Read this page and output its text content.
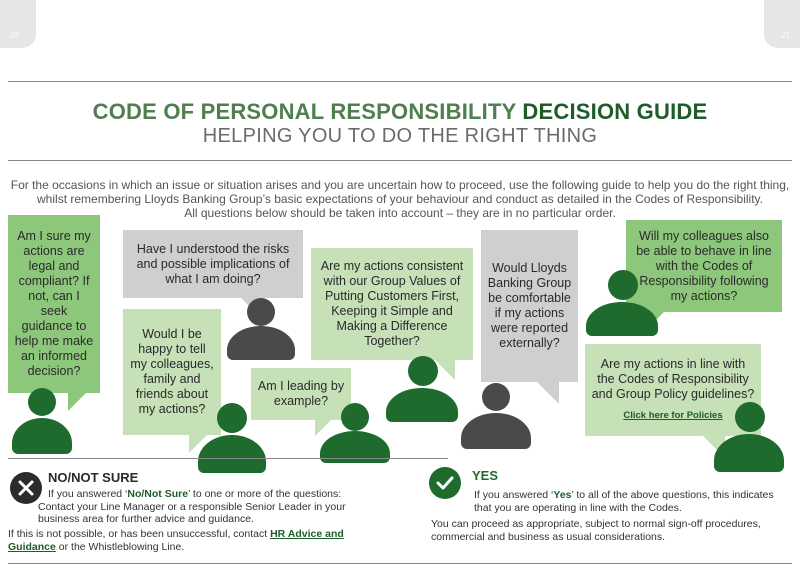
20	21
CODE OF PERSONAL RESPONSIBILITY DECISION GUIDE
HELPING YOU TO DO THE RIGHT THING
For the occasions in which an issue or situation arises and you are uncertain how to proceed, use the following guide to help you do the right thing,
whilst remembering Lloyds Banking Group’s basic expectations of your behaviour and conduct as detailed in the Codes of Responsibility.
All questions below should be taken into account – they are in no particular order.
Am I sure my actions are legal and compliant? If not, can I seek guidance to help me make an informed decision?
Have I understood the risks and possible implications of what I am doing?
Would I be happy to tell my colleagues, family and friends about my actions?
Am I leading by example?
Are my actions consistent with our Group Values of Putting Customers First, Keeping it Simple and Making a Difference Together?
Would Lloyds Banking Group be comfortable if my actions were reported externally?
Will my colleagues also be able to behave in line with the Codes of Responsibility following my actions?
Are my actions in line with the Codes of Responsibility and Group Policy guidelines?
Click here for Policies
NO/NOT SURE
If you answered ‘No/Not Sure’ to one or more of the questions:
Contact your Line Manager or a responsible Senior Leader in your business area for further advice and guidance.
If this is not possible, or has been unsuccessful, contact HR Advice and Guidance or the Whistleblowing Line.
YES
If you answered ‘Yes’ to all of the above questions, this indicates that you are operating in line with the Codes.
You can proceed as appropriate, subject to normal sign-off procedures, commercial and business as usual considerations.
